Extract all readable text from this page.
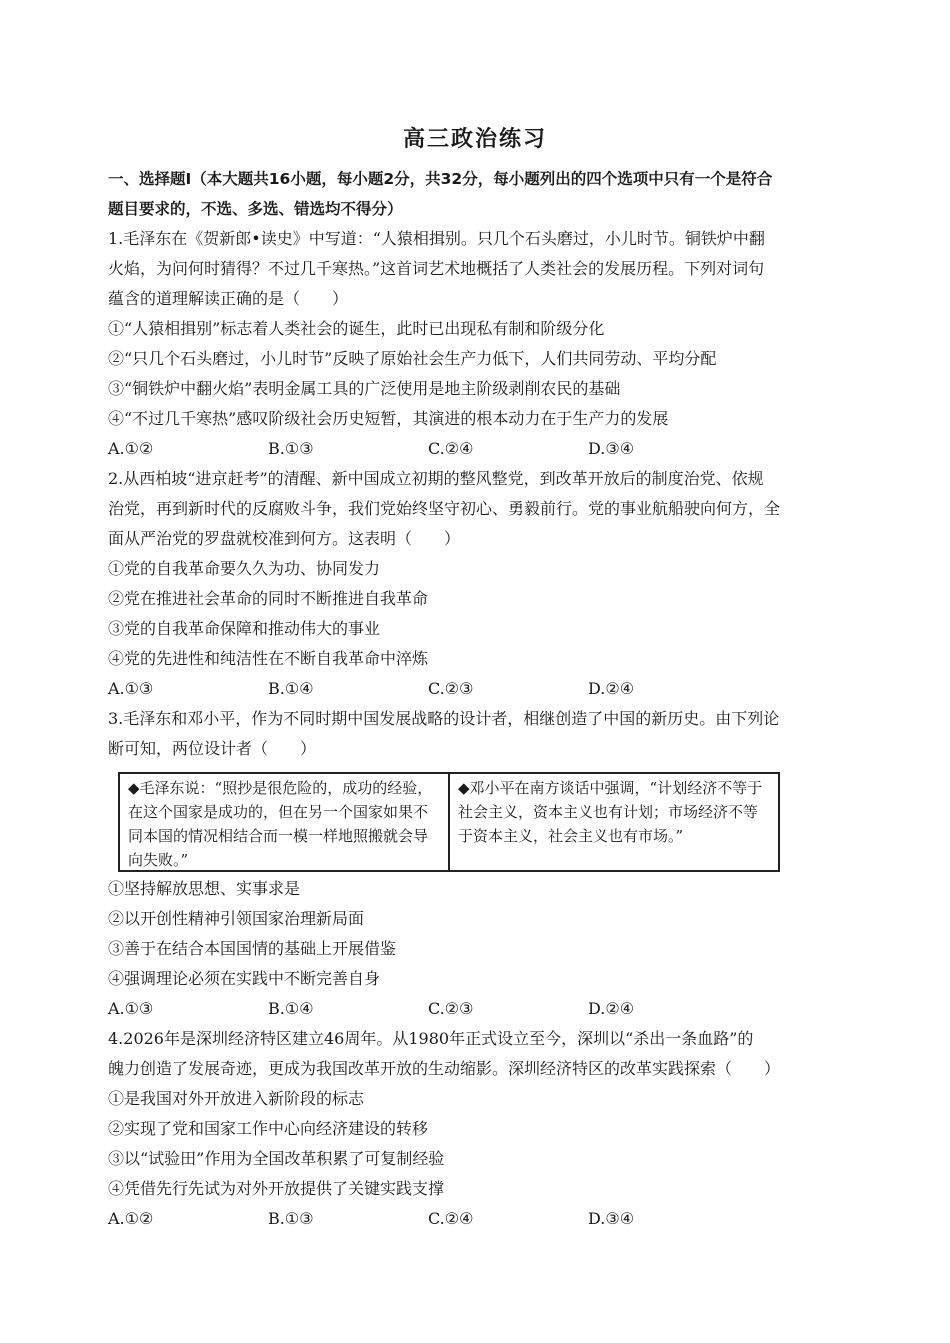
高三政治练习
一、选择题Ⅰ（本大题共16小题，每小题2分，共32分，每小题列出的四个选项中只有一个是符合
题目要求的，不选、多选、错选均不得分）
1.毛泽东在《贺新郎•读史》中写道：“人猿相揖别。只几个石头磨过，小儿时节。铜铁炉中翻
火焰，为问何时猜得？不过几千寒热。”这首词艺术地概括了人类社会的发展历程。下列对词句
蕴含的道理解读正确的是（　　）
①“人猿相揖别”标志着人类社会的诞生，此时已出现私有制和阶级分化
②“只几个石头磨过，小儿时节”反映了原始社会生产力低下，人们共同劳动、平均分配
③“铜铁炉中翻火焰”表明金属工具的广泛使用是地主阶级剥削农民的基础
④“不过几千寒热”感叹阶级社会历史短暂，其演进的根本动力在于生产力的发展
A.①②	B.①③	C.②④	D.③④
2.从西柏坡“进京赶考”的清醒、新中国成立初期的整风整党，到改革开放后的制度治党、依规
治党，再到新时代的反腐败斗争，我们党始终坚守初心、勇毅前行。党的事业航船驶向何方，全
面从严治党的罗盘就校准到何方。这表明（　　）
①党的自我革命要久久为功、协同发力
②党在推进社会革命的同时不断推进自我革命
③党的自我革命保障和推动伟大的事业
④党的先进性和纯洁性在不断自我革命中淬炼
A.①③	B.①④	C.②③	D.②④
3.毛泽东和邓小平，作为不同时期中国发展战略的设计者，相继创造了中国的新历史。由下列论
断可知，两位设计者（　　）
◆毛泽东说：“照抄是很危险的，成功的经验，在这个国家是成功的，但在另一个国家如果不同本国的情况相结合而一模一样地照搬就会导向失败。”
◆邓小平在南方谈话中强调，“计划经济不等于社会主义，资本主义也有计划；市场经济不等于资本主义，社会主义也有市场。”
①坚持解放思想、实事求是
②以开创性精神引领国家治理新局面
③善于在结合本国国情的基础上开展借鉴
④强调理论必须在实践中不断完善自身
A.①③	B.①④	C.②③	D.②④
4.2026年是深圳经济特区建立46周年。从1980年正式设立至今，深圳以“杀出一条血路”的
魄力创造了发展奇迹，更成为我国改革开放的生动缩影。深圳经济特区的改革实践探索（　　）
①是我国对外开放进入新阶段的标志
②实现了党和国家工作中心向经济建设的转移
③以“试验田”作用为全国改革积累了可复制经验
④凭借先行先试为对外开放提供了关键实践支撑
A.①②	B.①③	C.②④	D.③④
